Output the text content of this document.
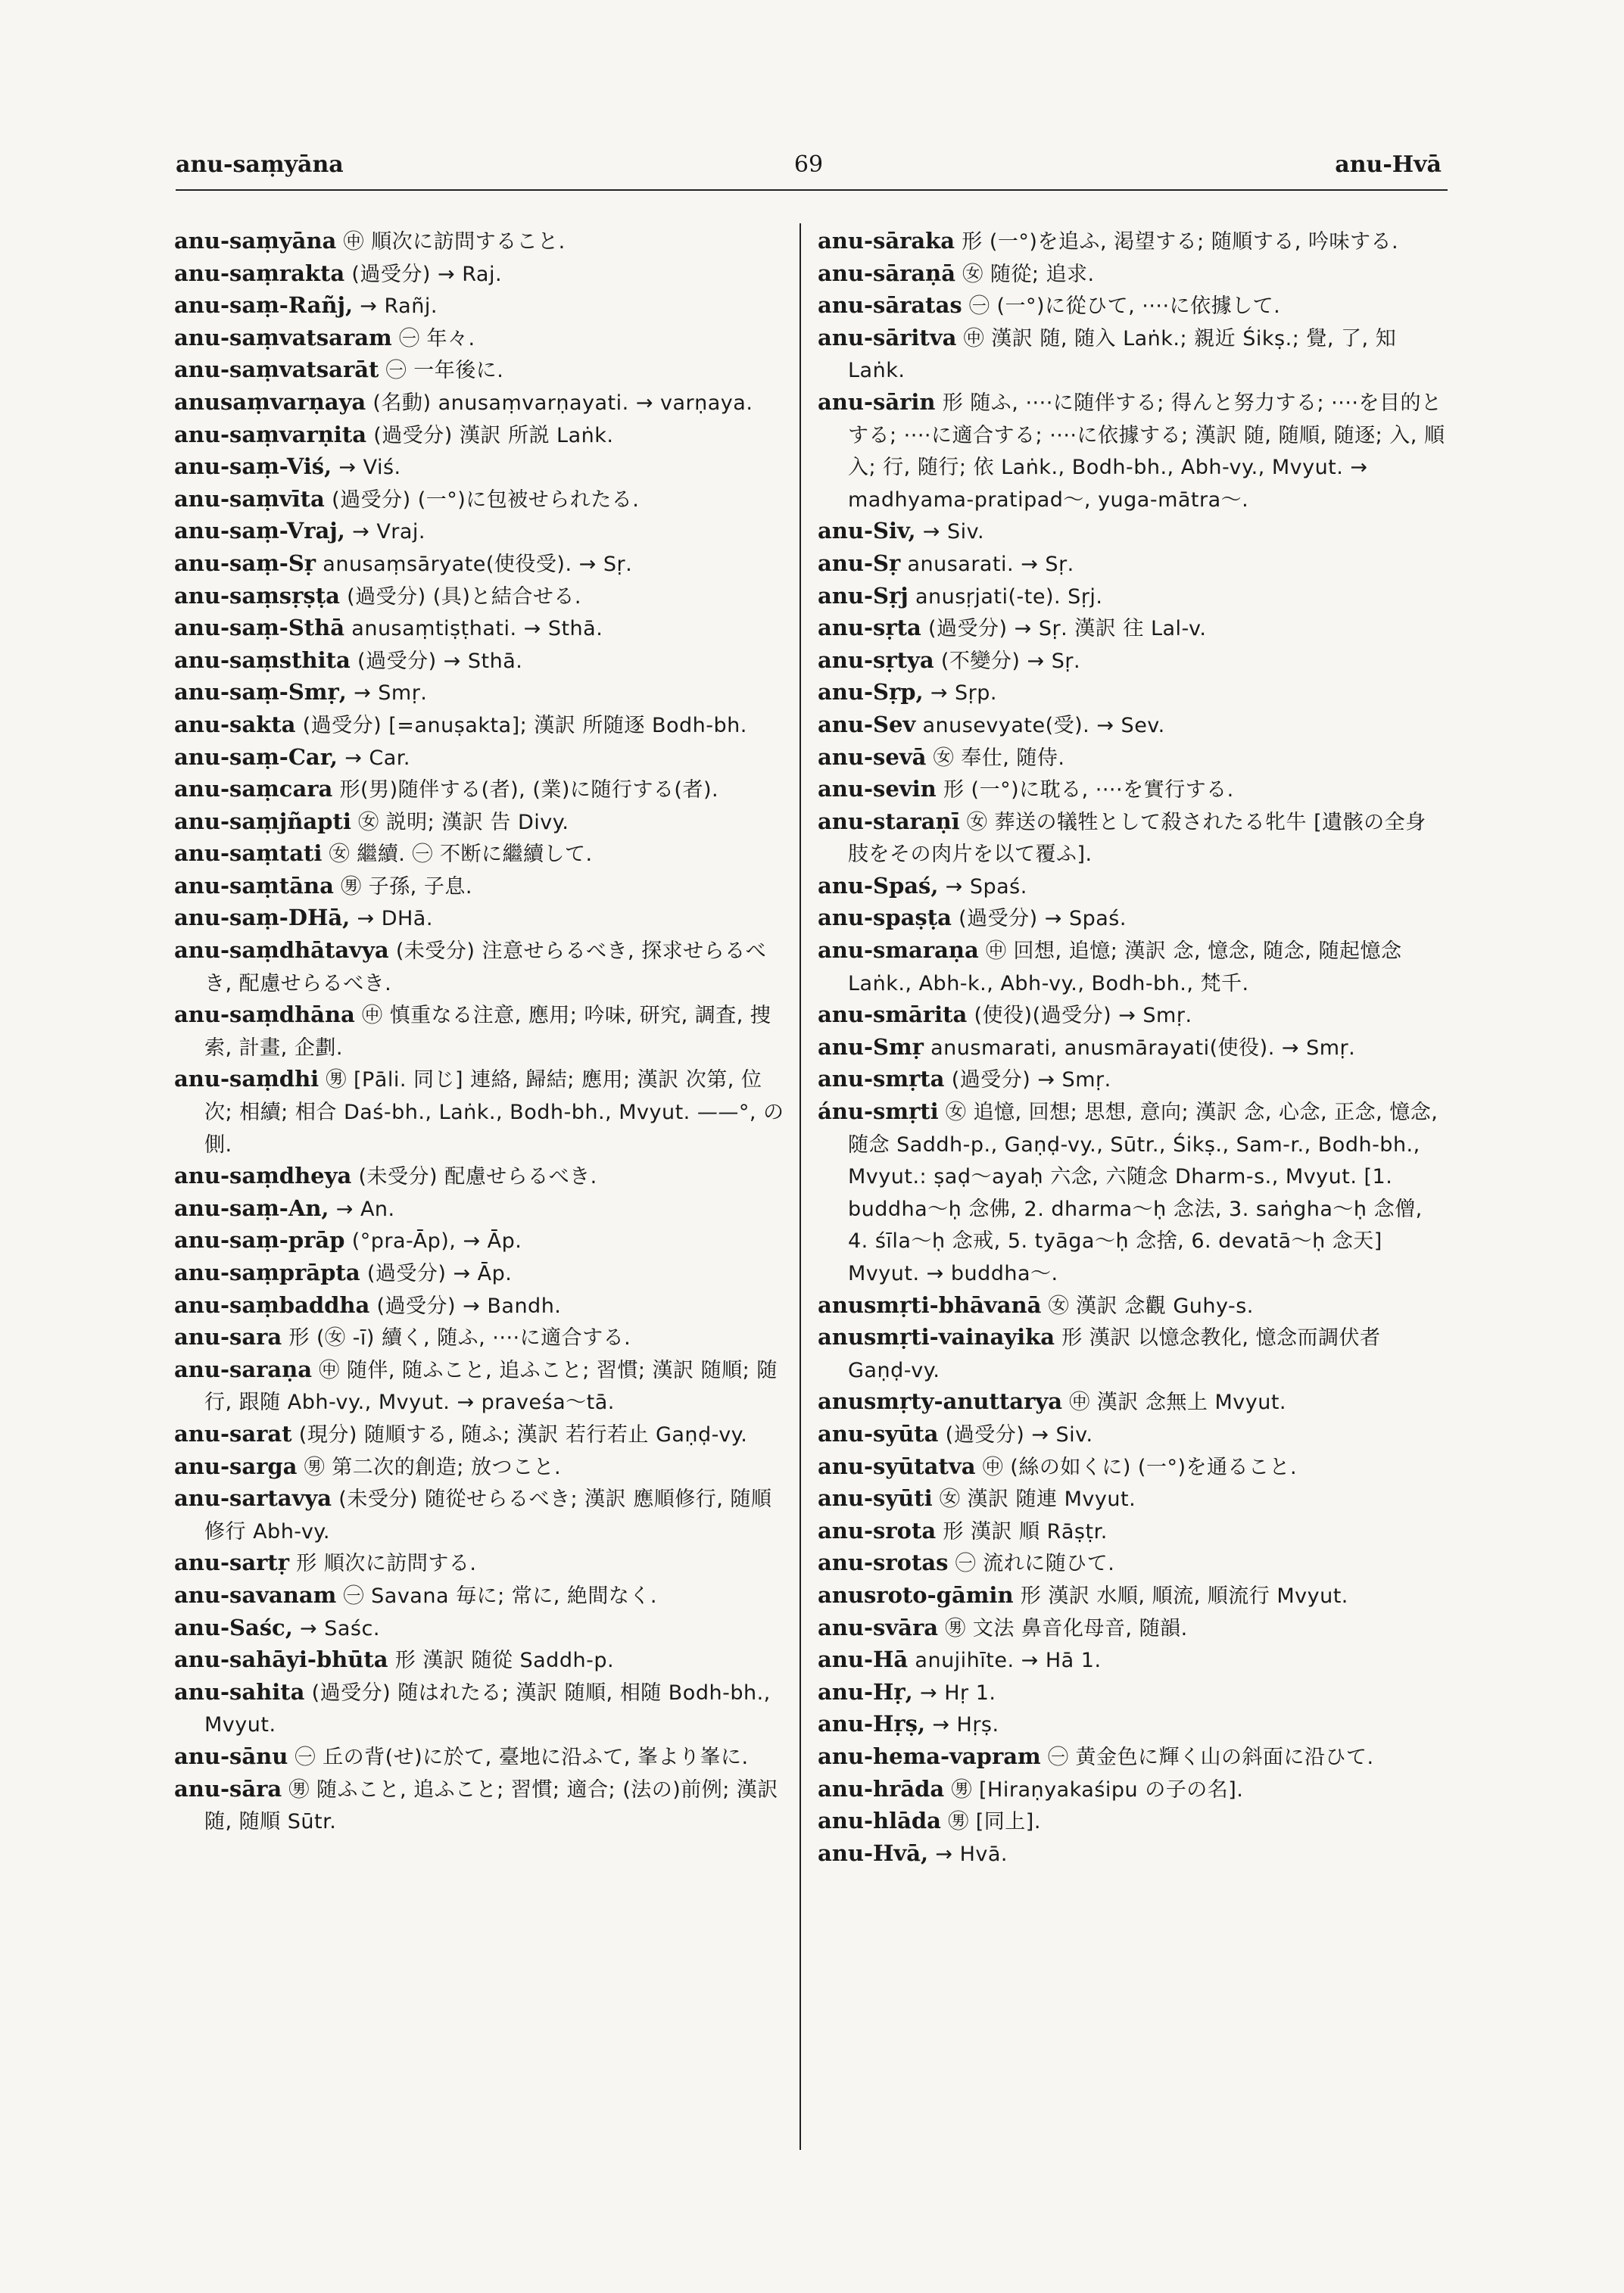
anu-saṃyāna	69	anu-Hvā

anu-saṃyāna ㊥ 順次に訪問すること.

anu-saṃrakta (過受分) → Raj.

anu-saṃ-Rañj, → Rañj.

anu-saṃvatsaram ㊀ 年々.

anu-saṃvatsarāt ㊀ 一年後に.

anusaṃvarṇaya (名動) anusaṃvarṇayati. → varṇaya.

anu-saṃvarṇita (過受分) 漢訳 所説 Laṅk.

anu-saṃ-Viś, → Viś.

anu-saṃvīta (過受分) (一°)に包被せられたる.

anu-saṃ-Vraj, → Vraj.

anu-saṃ-Sṛ anusaṃsāryate(使役受). → Sṛ.

anu-saṃsṛṣṭa (過受分) (具)と結合せる.

anu-saṃ-Sthā anusaṃtiṣṭhati. → Sthā.

anu-saṃsthita (過受分) → Sthā.

anu-saṃ-Smṛ, → Smṛ.

anu-sakta (過受分) [=anuṣakta]; 漢訳 所随逐 Bodh-bh.

anu-saṃ-Car, → Car.

anu-saṃcara 形(男)随伴する(者), (業)に随行する(者).

anu-saṃjñapti ㊛ 説明; 漢訳 告 Divy.

anu-saṃtati ㊛ 繼續. ㊀ 不断に繼續して.

anu-saṃtāna ㊚ 子孫, 子息.

anu-saṃ-DHā, → DHā.

anu-saṃdhātavya (未受分) 注意せらるべき, 探求せらるべき, 配慮せらるべき.

anu-saṃdhāna ㊥ 慎重なる注意, 應用; 吟味, 研究, 調査, 捜索, 計畫, 企劃.

anu-saṃdhi ㊚ [Pāli. 同じ] 連絡, 歸結; 應用; 漢訳 次第, 位次; 相續; 相合 Daś-bh., Laṅk., Bodh-bh., Mvyut. ——°, の側.

anu-saṃdheya (未受分) 配慮せらるべき.

anu-saṃ-An, → An.

anu-saṃ-prāp (°pra-Āp), → Āp.

anu-saṃprāpta (過受分) → Āp.

anu-saṃbaddha (過受分) → Bandh.

anu-sara 形 (㊛ -ī) 續く, 随ふ, ····に適合する.

anu-saraṇa ㊥ 随伴, 随ふこと, 追ふこと; 習慣; 漢訳 随順; 随行, 跟随 Abh-vy., Mvyut. → praveśa〜tā.

anu-sarat (現分) 随順する, 随ふ; 漢訳 若行若止 Gaṇḍ-vy.

anu-sarga ㊚ 第二次的創造; 放つこと.

anu-sartavya (未受分) 随從せらるべき; 漢訳 應順修行, 随順修行 Abh-vy.

anu-sartṛ 形 順次に訪問する.

anu-savanam ㊀ Savana 毎に; 常に, 絶間なく.

anu-Saśc, → Saśc.

anu-sahāyi-bhūta 形 漢訳 随從 Saddh-p.

anu-sahita (過受分) 随はれたる; 漢訳 随順, 相随 Bodh-bh., Mvyut.

anu-sānu ㊀ 丘の背(せ)に於て, 臺地に沿ふて, 峯より峯に.

anu-sāra ㊚ 随ふこと, 追ふこと; 習慣; 適合; (法の)前例; 漢訳 随, 随順 Sūtr.

anu-sāraka 形 (一°)を追ふ, 渇望する; 随順する, 吟味する.

anu-sāraṇā ㊛ 随從; 追求.

anu-sāratas ㊀ (一°)に從ひて, ····に依據して.

anu-sāritva ㊥ 漢訳 随, 随入 Laṅk.; 親近 Śikṣ.; 覺, 了, 知 Laṅk.

anu-sārin 形 随ふ, ····に随伴する; 得んと努力する; ····を目的とする; ····に適合する; ····に依據する; 漢訳 随, 随順, 随逐; 入, 順入; 行, 随行; 依 Laṅk., Bodh-bh., Abh-vy., Mvyut. → madhyama-pratipad〜, yuga-mātra〜.

anu-Siv, → Siv.

anu-Sṛ anusarati. → Sṛ.

anu-Sṛj anusṛjati(-te). Sṛj.

anu-sṛta (過受分) → Sṛ. 漢訳 往 Lal-v.

anu-sṛtya (不變分) → Sṛ.

anu-Sṛp, → Sṛp.

anu-Sev anusevyate(受). → Sev.

anu-sevā ㊛ 奉仕, 随侍.

anu-sevin 形 (一°)に耽る, ····を實行する.

anu-staraṇī ㊛ 葬送の犠牲として殺されたる牝牛 [遺骸の全身肢をその肉片を以て覆ふ].

anu-Spaś, → Spaś.

anu-spaṣṭa (過受分) → Spaś.

anu-smaraṇa ㊥ 回想, 追憶; 漢訳 念, 憶念, 随念, 随起憶念 Laṅk., Abh-k., Abh-vy., Bodh-bh., 梵千.

anu-smārita (使役)(過受分) → Smṛ.

anu-Smṛ anusmarati, anusmārayati(使役). → Smṛ.

anu-smṛta (過受分) → Smṛ.

ánu-smṛti ㊛ 追憶, 回想; 思想, 意向; 漢訳 念, 心念, 正念, 憶念, 随念 Saddh-p., Gaṇḍ-vy., Sūtr., Śikṣ., Sam-r., Bodh-bh., Mvyut.: ṣaḍ〜ayaḥ 六念, 六随念 Dharm-s., Mvyut. [1. buddha〜ḥ 念佛, 2. dharma〜ḥ 念法, 3. saṅgha〜ḥ 念僧, 4. śīla〜ḥ 念戒, 5. tyāga〜ḥ 念捨, 6. devatā〜ḥ 念天] Mvyut. → buddha〜.

anusmṛti-bhāvanā ㊛ 漢訳 念觀 Guhy-s.

anusmṛti-vainayika 形 漢訳 以憶念教化, 憶念而調伏者 Gaṇḍ-vy.

anusmṛty-anuttarya ㊥ 漢訳 念無上 Mvyut.

anu-syūta (過受分) → Siv.

anu-syūtatva ㊥ (絲の如くに) (一°)を通ること.

anu-syūti ㊛ 漢訳 随連 Mvyut.

anu-srota 形 漢訳 順 Rāṣṭr.

anu-srotas ㊀ 流れに随ひて.

anusroto-gāmin 形 漢訳 水順, 順流, 順流行 Mvyut.

anu-svāra ㊚ 文法 鼻音化母音, 随韻.

anu-Hā anujihīte. → Hā 1.

anu-Hṛ, → Hṛ 1.

anu-Hṛṣ, → Hṛṣ.

anu-hema-vapram ㊀ 黄金色に輝く山の斜面に沿ひて.

anu-hrāda ㊚ [Hiraṇyakaśipu の子の名].

anu-hlāda ㊚ [同上].

anu-Hvā, → Hvā.
